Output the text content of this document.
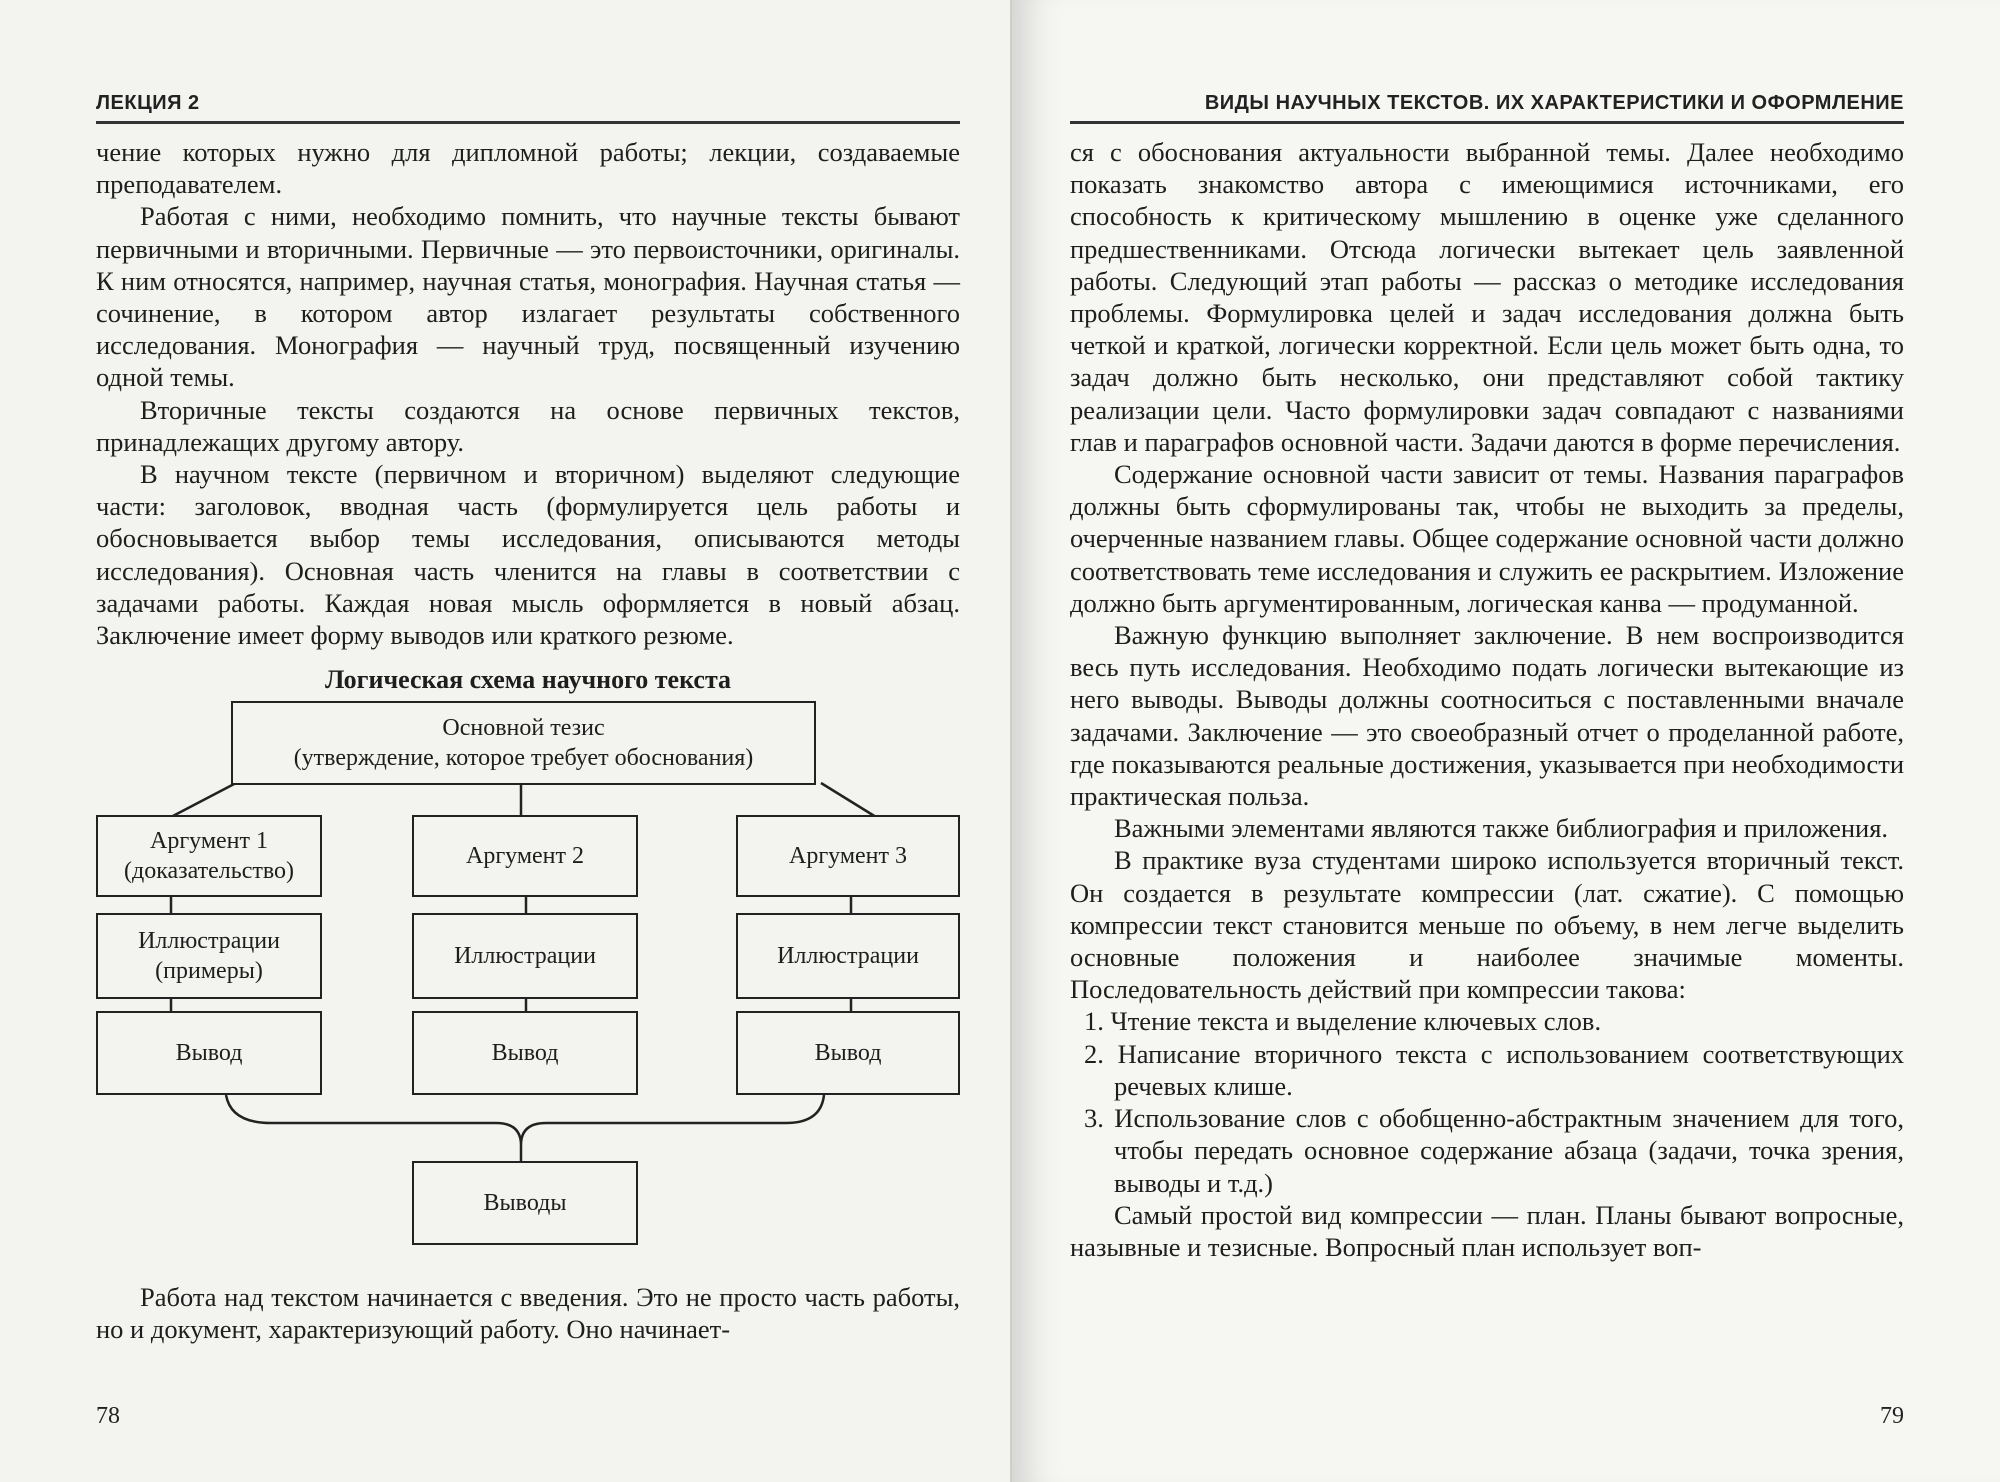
ЛЕКЦИЯ 2

чение которых нужно для дипломной работы; лекции, создаваемые преподавателем.

Работая с ними, необходимо помнить, что научные тексты бывают первичными и вторичными. Первичные — это первоисточники, оригиналы. К ним относятся, например, научная статья, монография. Научная статья — сочинение, в котором автор излагает результаты собственного исследования. Монография — научный труд, посвященный изучению одной темы.

Вторичные тексты создаются на основе первичных текстов, принадлежащих другому автору.

В научном тексте (первичном и вторичном) выделяют следующие части: заголовок, вводная часть (формулируется цель работы и обосновывается выбор темы исследования, описываются методы исследования). Основная часть членится на главы в соответствии с задачами работы. Каждая новая мысль оформляется в новый абзац. Заключение имеет форму выводов или краткого резюме.

Логическая схема научного текста
Основной тезис
(утверждение, которое требует обоснования)
Аргумент 1
(доказательство)
Аргумент 2	Аргумент 3
Иллюстрации
(примеры)
Иллюстрации	Иллюстрации
Вывод	Вывод	Вывод
Выводы

Работа над текстом начинается с введения. Это не просто часть работы, но и документ, характеризующий работу. Оно начинает-

78
ВИДЫ НАУЧНЫХ ТЕКСТОВ. ИХ ХАРАКТЕРИСТИКИ И ОФОРМЛЕНИЕ

ся с обоснования актуальности выбранной темы. Далее необходимо показать знакомство автора с имеющимися источниками, его способность к критическому мышлению в оценке уже сделанного предшественниками. Отсюда логически вытекает цель заявленной работы. Следующий этап работы — рассказ о методике исследования проблемы. Формулировка целей и задач исследования должна быть четкой и краткой, логически корректной. Если цель может быть одна, то задач должно быть несколько, они представляют собой тактику реализации цели. Часто формулировки задач совпадают с названиями глав и параграфов основной части. Задачи даются в форме перечисления.

Содержание основной части зависит от темы. Названия параграфов должны быть сформулированы так, чтобы не выходить за пределы, очерченные названием главы. Общее содержание основной части должно соответствовать теме исследования и служить ее раскрытием. Изложение должно быть аргументированным, логическая канва — продуманной.

Важную функцию выполняет заключение. В нем воспроизводится весь путь исследования. Необходимо подать логически вытекающие из него выводы. Выводы должны соотноситься с поставленными вначале задачами. Заключение — это своеобразный отчет о проделанной работе, где показываются реальные достижения, указывается при необходимости практическая польза.

Важными элементами являются также библиография и приложения.

В практике вуза студентами широко используется вторичный текст. Он создается в результате компрессии (лат. сжатие). С помощью компрессии текст становится меньше по объему, в нем легче выделить основные положения и наиболее значимые моменты. Последовательность действий при компрессии такова:

1. Чтение текста и выделение ключевых слов.

2. Написание вторичного текста с использованием соответствующих речевых клише.

3. Использование слов с обобщенно-абстрактным значением для того, чтобы передать основное содержание абзаца (задачи, точка зрения, выводы и т.д.)

Самый простой вид компрессии — план. Планы бывают вопросные, назывные и тезисные. Вопросный план использует воп-

79
